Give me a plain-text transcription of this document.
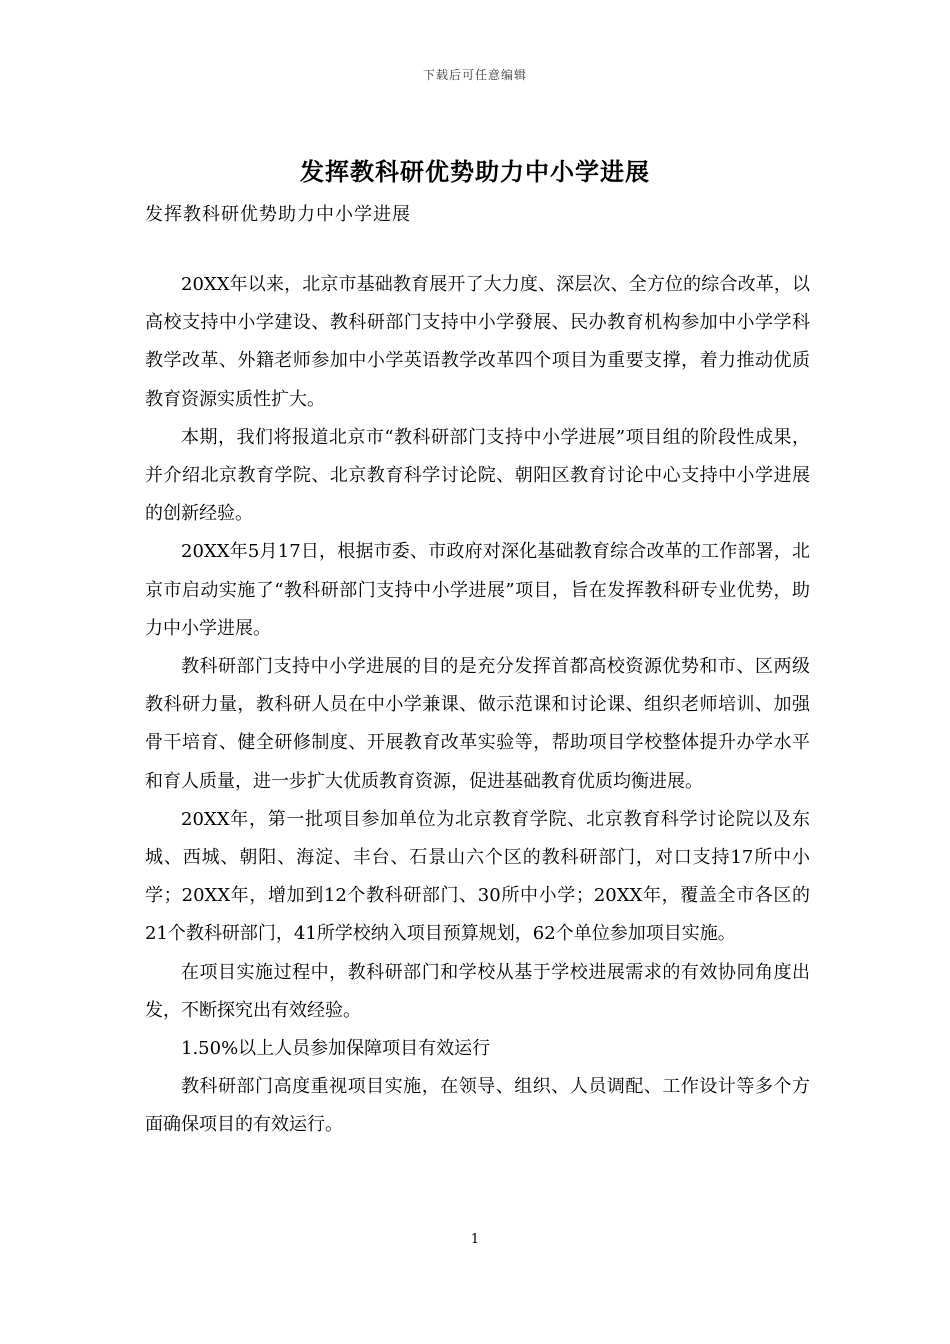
下载后可任意编辑
发挥教科研优势助力中小学进展
发挥教科研优势助力中小学进展

20XX年以来，北京市基础教育展开了大力度、深层次、全方位的综合改革，以高校支持中小学建设、教科研部门支持中小学發展、民办教育机构参加中小学学科教学改革、外籍老师参加中小学英语教学改革四个项目为重要支撑，着力推动优质教育资源实质性扩大。

本期，我们将报道北京市“教科研部门支持中小学进展”项目组的阶段性成果，并介绍北京教育学院、北京教育科学讨论院、朝阳区教育讨论中心支持中小学进展的创新经验。

20XX年5月17日，根据市委、市政府对深化基础教育综合改革的工作部署，北京市启动实施了“教科研部门支持中小学进展”项目，旨在发挥教科研专业优势，助力中小学进展。

教科研部门支持中小学进展的目的是充分发挥首都高校资源优势和市、区两级教科研力量，教科研人员在中小学兼课、做示范课和讨论课、组织老师培训、加强骨干培育、健全研修制度、开展教育改革实验等，帮助项目学校整体提升办学水平和育人质量，进一步扩大优质教育资源，促进基础教育优质均衡进展。

20XX年，第一批项目参加单位为北京教育学院、北京教育科学讨论院以及东城、西城、朝阳、海淀、丰台、石景山六个区的教科研部门，对口支持17所中小学；20XX年，增加到12个教科研部门、30所中小学；20XX年，覆盖全市各区的21个教科研部门，41所学校纳入项目预算规划，62个单位参加项目实施。

在项目实施过程中，教科研部门和学校从基于学校进展需求的有效协同角度出发，不断探究出有效经验。

1.50%以上人员参加保障项目有效运行

教科研部门高度重视项目实施，在领导、组织、人员调配、工作设计等多个方面确保项目的有效运行。

1
